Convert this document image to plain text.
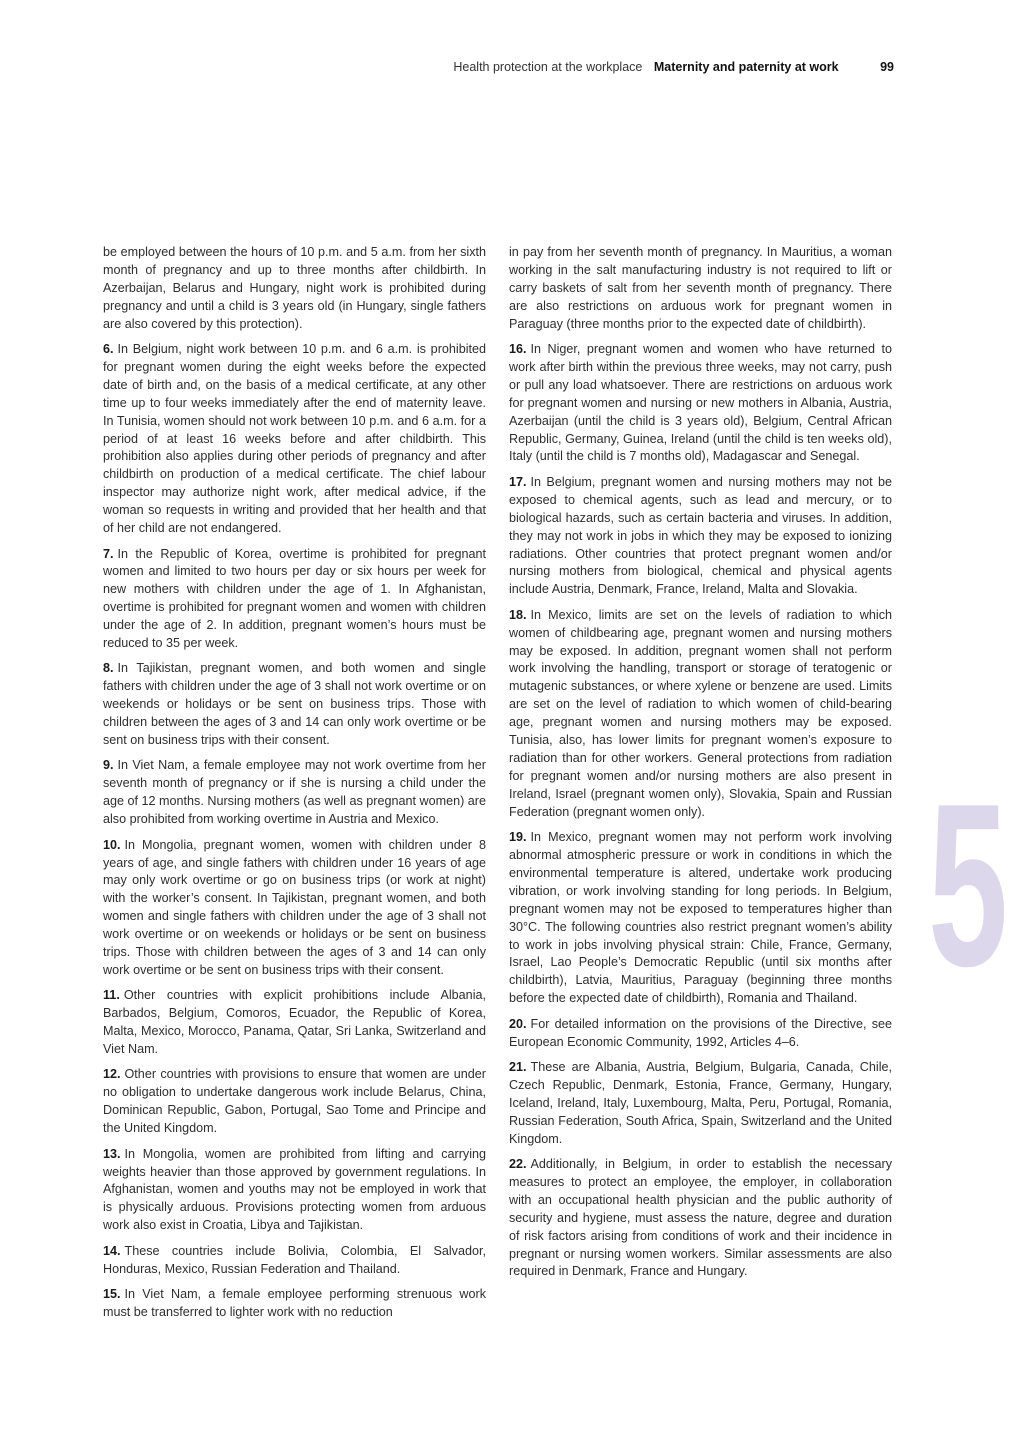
Health protection at the workplace Maternity and paternity at work	99

be employed between the hours of 10 p.m. and 5 a.m. from her sixth month of pregnancy and up to three months after childbirth. In Azerbaijan, Belarus and Hungary, night work is prohibited during pregnancy and until a child is 3 years old (in Hungary, single fathers are also covered by this protection).

6. In Belgium, night work between 10 p.m. and 6 a.m. is prohibited for pregnant women during the eight weeks before the expected date of birth and, on the basis of a medical certificate, at any other time up to four weeks immediately after the end of maternity leave. In Tunisia, women should not work between 10 p.m. and 6 a.m. for a period of at least 16 weeks before and after childbirth. This prohibition also applies during other periods of pregnancy and after childbirth on production of a medical certificate. The chief labour inspector may authorize night work, after medical advice, if the woman so requests in writing and provided that her health and that of her child are not endangered.

7. In the Republic of Korea, overtime is prohibited for pregnant women and limited to two hours per day or six hours per week for new mothers with children under the age of 1. In Afghanistan, overtime is prohibited for pregnant women and women with children under the age of 2. In addition, pregnant women’s hours must be reduced to 35 per week.

8. In Tajikistan, pregnant women, and both women and single fathers with children under the age of 3 shall not work overtime or on weekends or holidays or be sent on business trips. Those with children between the ages of 3 and 14 can only work overtime or be sent on business trips with their consent.

9. In Viet Nam, a female employee may not work overtime from her seventh month of pregnancy or if she is nursing a child under the age of 12 months. Nursing mothers (as well as pregnant women) are also prohibited from working overtime in Austria and Mexico.

10. In Mongolia, pregnant women, women with children under 8 years of age, and single fathers with children under 16 years of age may only work overtime or go on business trips (or work at night) with the worker’s consent. In Tajikistan, pregnant women, and both women and single fathers with children under the age of 3 shall not work overtime or on weekends or holidays or be sent on business trips. Those with children between the ages of 3 and 14 can only work overtime or be sent on business trips with their consent.

11. Other countries with explicit prohibitions include Albania, Barbados, Belgium, Comoros, Ecuador, the Republic of Korea, Malta, Mexico, Morocco, Panama, Qatar, Sri Lanka, Switzerland and Viet Nam.

12. Other countries with provisions to ensure that women are under no obligation to undertake dangerous work include Belarus, China, Dominican Republic, Gabon, Portugal, Sao Tome and Principe and the United Kingdom.

13. In Mongolia, women are prohibited from lifting and carrying weights heavier than those approved by government regulations. In Afghanistan, women and youths may not be employed in work that is physically arduous. Provisions protecting women from arduous work also exist in Croatia, Libya and Tajikistan.

14. These countries include Bolivia, Colombia, El Salvador, Honduras, Mexico, Russian Federation and Thailand.

15. In Viet Nam, a female employee performing strenuous work must be transferred to lighter work with no reduction

in pay from her seventh month of pregnancy. In Mauritius, a woman working in the salt manufacturing industry is not required to lift or carry baskets of salt from her seventh month of pregnancy. There are also restrictions on arduous work for pregnant women in Paraguay (three months prior to the expected date of childbirth).

16. In Niger, pregnant women and women who have returned to work after birth within the previous three weeks, may not carry, push or pull any load whatsoever. There are restrictions on arduous work for pregnant women and nursing or new mothers in Albania, Austria, Azerbaijan (until the child is 3 years old), Belgium, Central African Republic, Germany, Guinea, Ireland (until the child is ten weeks old), Italy (until the child is 7 months old), Madagascar and Senegal.

17. In Belgium, pregnant women and nursing mothers may not be exposed to chemical agents, such as lead and mercury, or to biological hazards, such as certain bacteria and viruses. In addition, they may not work in jobs in which they may be exposed to ionizing radiations. Other countries that protect pregnant women and/or nursing mothers from biological, chemical and physical agents include Austria, Denmark, France, Ireland, Malta and Slovakia.

18. In Mexico, limits are set on the levels of radiation to which women of childbearing age, pregnant women and nursing mothers may be exposed. In addition, pregnant women shall not perform work involving the handling, transport or storage of teratogenic or mutagenic substances, or where xylene or benzene are used. Limits are set on the level of radiation to which women of child-bearing age, pregnant women and nursing mothers may be exposed. Tunisia, also, has lower limits for pregnant women’s exposure to radiation than for other workers. General protections from radiation for pregnant women and/or nursing mothers are also present in Ireland, Israel (pregnant women only), Slovakia, Spain and Russian Federation (pregnant women only).

19. In Mexico, pregnant women may not perform work involving abnormal atmospheric pressure or work in conditions in which the environmental temperature is altered, undertake work producing vibration, or work involving standing for long periods. In Belgium, pregnant women may not be exposed to temperatures higher than 30°C. The following countries also restrict pregnant women’s ability to work in jobs involving physical strain: Chile, France, Germany, Israel, Lao People’s Democratic Republic (until six months after childbirth), Latvia, Mauritius, Paraguay (beginning three months before the expected date of childbirth), Romania and Thailand.

20. For detailed information on the provisions of the Directive, see European Economic Community, 1992, Articles 4–6.

21. These are Albania, Austria, Belgium, Bulgaria, Canada, Chile, Czech Republic, Denmark, Estonia, France, Germany, Hungary, Iceland, Ireland, Italy, Luxembourg, Malta, Peru, Portugal, Romania, Russian Federation, South Africa, Spain, Switzerland and the United Kingdom.

22. Additionally, in Belgium, in order to establish the necessary measures to protect an employee, the employer, in collaboration with an occupational health physician and the public authority of security and hygiene, must assess the nature, degree and duration of risk factors arising from conditions of work and their incidence in pregnant or nursing women workers. Similar assessments are also required in Denmark, France and Hungary.

5
